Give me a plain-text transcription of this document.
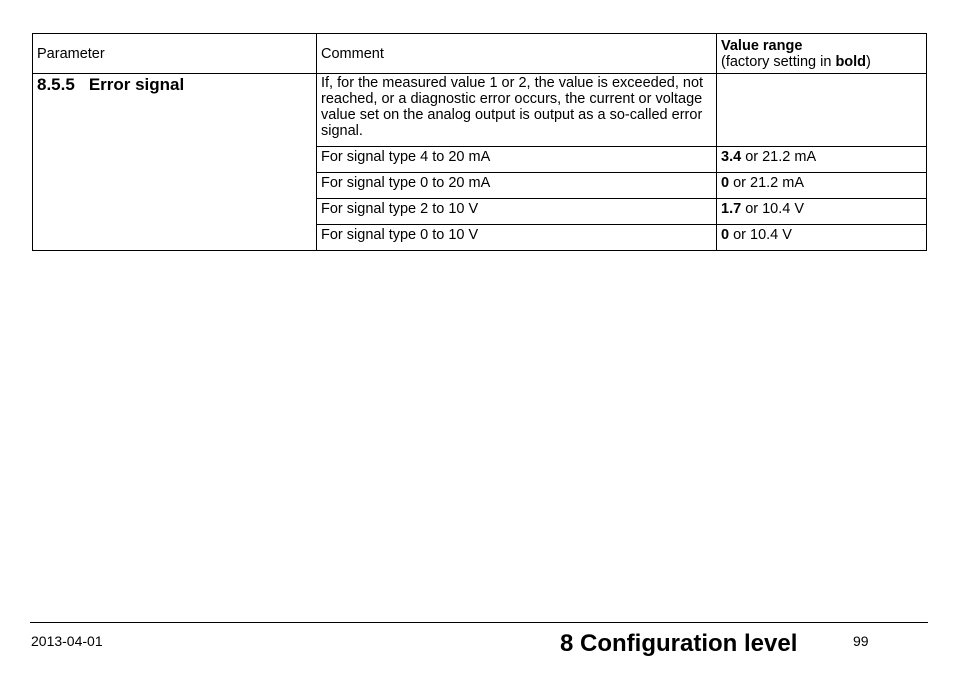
Parameter	Comment	Value range
(factory setting in bold)

8.5.5 Error signal	If, for the measured value 1 or 2, the value is exceeded, not reached, or a diagnostic error occurs, the current or voltage value set on the analog output is output as a so-called error signal.	
	For signal type 4 to 20 mA	3.4 or 21.2 mA
	For signal type 0 to 20 mA	0 or 21.2 mA
	For signal type 2 to 10 V	1.7 or 10.4 V
	For signal type 0 to 10 V	0 or 10.4 V
2013-04-01	8 Configuration level	99
